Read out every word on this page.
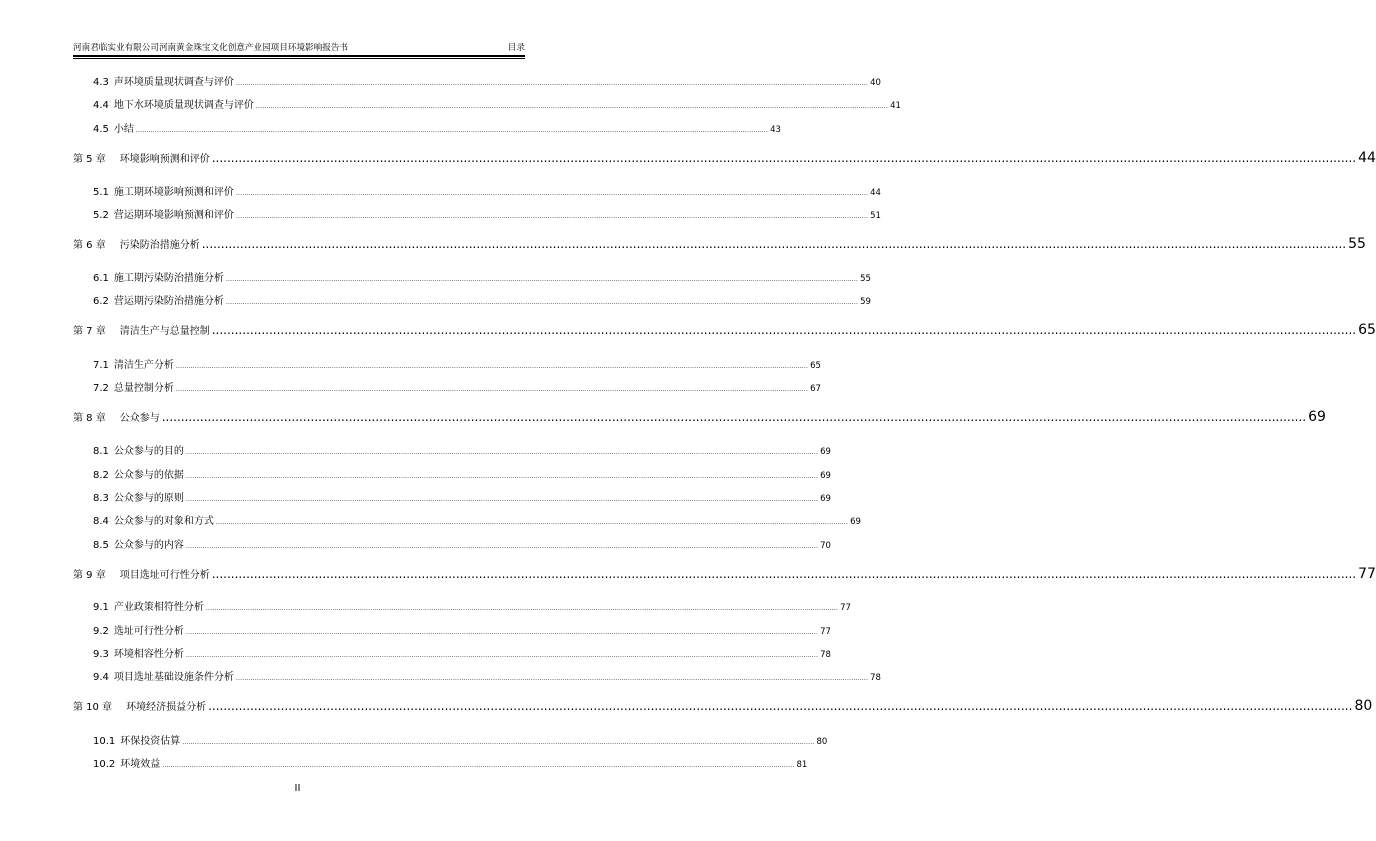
河南君临实业有限公司河南黄金珠宝文化创意产业园项目环境影响报告书	目录
4.3 声环境质量现状调查与评价 ............................................................................................................................................................................................................................................................................................................ 40
4.4 地下水环境质量现状调查与评价 ............................................................................................................................................................................................................................................................................................................ 41
4.5 小结 ............................................................................................................................................................................................................................................................................................................ 43
第 5 章 环境影响预测和评价 ............................................................................................................................................................................................................................................................................................................ 44
5.1 施工期环境影响预测和评价 ............................................................................................................................................................................................................................................................................................................ 44
5.2 营运期环境影响预测和评价 ............................................................................................................................................................................................................................................................................................................ 51
第 6 章 污染防治措施分析 ............................................................................................................................................................................................................................................................................................................ 55
6.1 施工期污染防治措施分析 ............................................................................................................................................................................................................................................................................................................ 55
6.2 营运期污染防治措施分析 ............................................................................................................................................................................................................................................................................................................ 59
第 7 章 清洁生产与总量控制 ............................................................................................................................................................................................................................................................................................................ 65
7.1 清洁生产分析 ............................................................................................................................................................................................................................................................................................................ 65
7.2 总量控制分析 ............................................................................................................................................................................................................................................................................................................ 67
第 8 章 公众参与 ............................................................................................................................................................................................................................................................................................................ 69
8.1 公众参与的目的 ............................................................................................................................................................................................................................................................................................................ 69
8.2 公众参与的依据 ............................................................................................................................................................................................................................................................................................................ 69
8.3 公众参与的原则 ............................................................................................................................................................................................................................................................................................................ 69
8.4 公众参与的对象和方式 ............................................................................................................................................................................................................................................................................................................ 69
8.5 公众参与的内容 ............................................................................................................................................................................................................................................................................................................ 70
第 9 章 项目选址可行性分析 ............................................................................................................................................................................................................................................................................................................ 77
9.1 产业政策相符性分析 ............................................................................................................................................................................................................................................................................................................ 77
9.2 选址可行性分析 ............................................................................................................................................................................................................................................................................................................ 77
9.3 环境相容性分析 ............................................................................................................................................................................................................................................................................................................ 78
9.4 项目选址基础设施条件分析 ............................................................................................................................................................................................................................................................................................................ 78
第 10 章 环境经济损益分析 ............................................................................................................................................................................................................................................................................................................ 80
10.1 环保投资估算 ............................................................................................................................................................................................................................................................................................................ 80
10.2 环境效益 ............................................................................................................................................................................................................................................................................................................ 81
II
